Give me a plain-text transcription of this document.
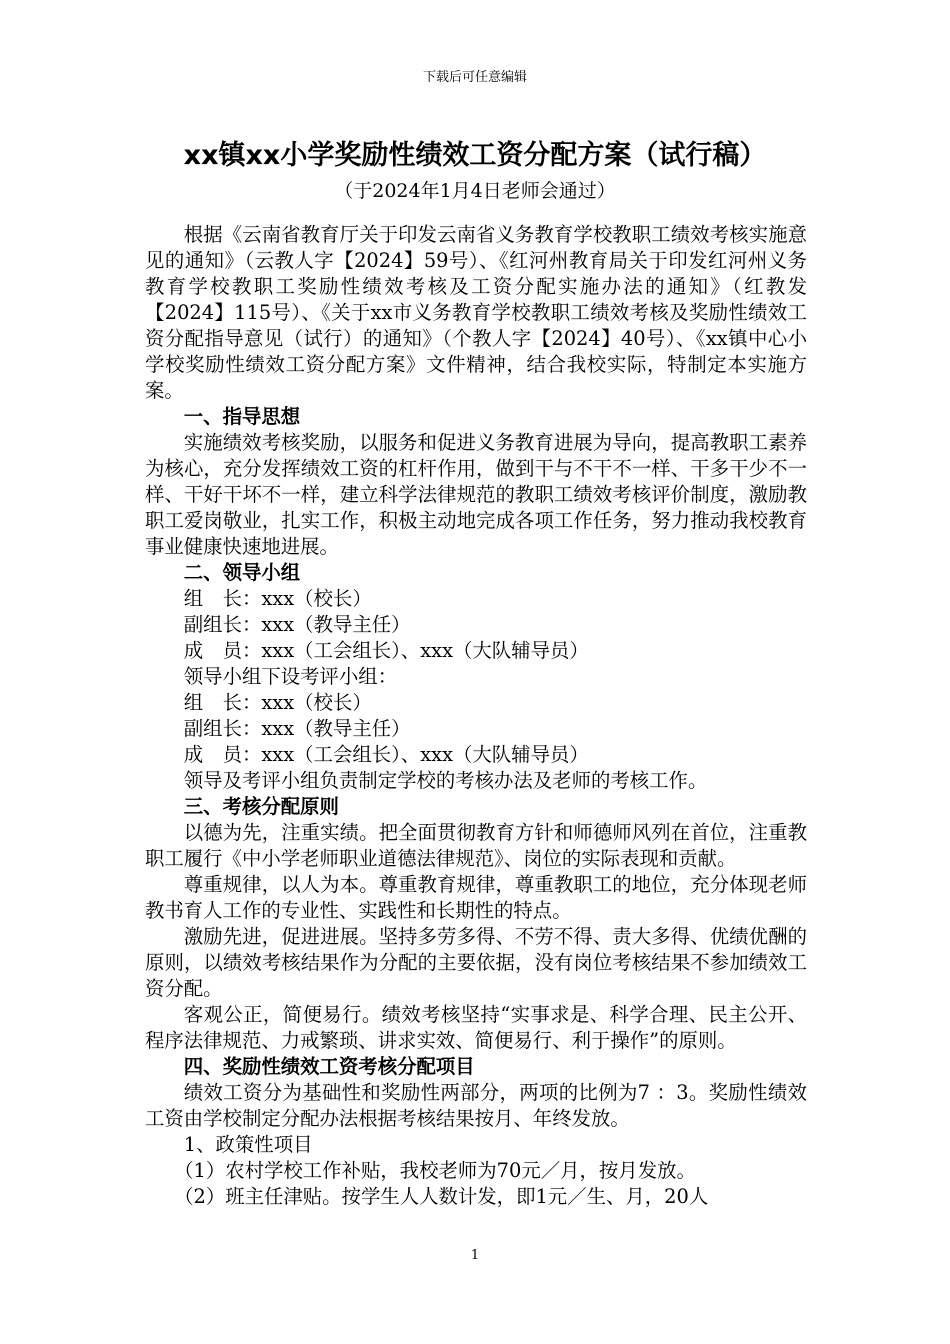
下载后可任意编辑
xx镇xx小学奖励性绩效工资分配方案（试行稿）
（于2024年1月4日老师会通过）

根据《云南省教育厅关于印发云南省义务教育学校教职工绩效考核实施意见的通知》（云教人字【2024】59号）、《红河州教育局关于印发红河州义务教育学校教职工奖励性绩效考核及工资分配实施办法的通知》（红教发【2024】115号）、《关于xx市义务教育学校教职工绩效考核及奖励性绩效工资分配指导意见（试行）的通知》（个教人字【2024】40号）、《xx镇中心小学校奖励性绩效工资分配方案》文件精神，结合我校实际，特制定本实施方案。

一、指导思想

实施绩效考核奖励，以服务和促进义务教育进展为导向，提高教职工素养为核心，充分发挥绩效工资的杠杆作用，做到干与不干不一样、干多干少不一样、干好干坏不一样，建立科学法律规范的教职工绩效考核评价制度，激励教职工爱岗敬业，扎实工作，积极主动地完成各项工作任务，努力推动我校教育事业健康快速地进展。

二、领导小组

组　长：xxx（校长）

副组长：xxx（教导主任）

成　员：xxx（工会组长）、xxx（大队辅导员）

领导小组下设考评小组：

组　长：xxx（校长）

副组长：xxx（教导主任）

成　员：xxx（工会组长）、xxx（大队辅导员）

领导及考评小组负责制定学校的考核办法及老师的考核工作。

三、考核分配原则

以德为先，注重实绩。把全面贯彻教育方针和师德师风列在首位，注重教职工履行《中小学老师职业道德法律规范》、岗位的实际表现和贡献。

尊重规律，以人为本。尊重教育规律，尊重教职工的地位，充分体现老师教书育人工作的专业性、实践性和长期性的特点。

激励先进，促进进展。坚持多劳多得、不劳不得、责大多得、优绩优酬的原则，以绩效考核结果作为分配的主要依据，没有岗位考核结果不参加绩效工资分配。

客观公正，简便易行。绩效考核坚持“实事求是、科学合理、民主公开、程序法律规范、力戒繁琐、讲求实效、简便易行、利于操作”的原则。

四、奖励性绩效工资考核分配项目

绩效工资分为基础性和奖励性两部分，两项的比例为7 ：3。奖励性绩效工资由学校制定分配办法根据考核结果按月、年终发放。

1、政策性项目

（1）农村学校工作补贴，我校老师为70元／月，按月发放。

（2）班主任津贴。按学生人人数计发，即1元／生、月，20人

1
